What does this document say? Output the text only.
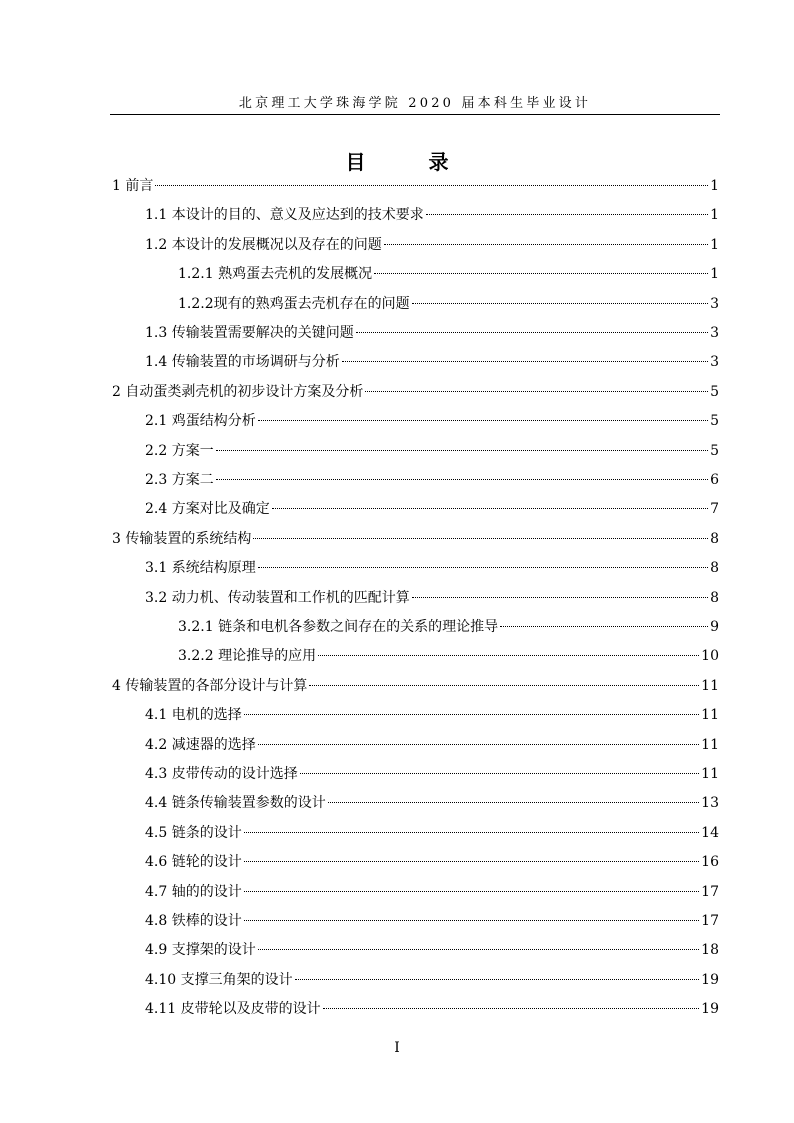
北京理工大学珠海学院 2020 届本科生毕业设计
目 录
1 前言	1
1.1 本设计的目的、意义及应达到的技术要求	1
1.2 本设计的发展概况以及存在的问题	1
1.2.1 熟鸡蛋去壳机的发展概况	1
1.2.2现有的熟鸡蛋去壳机存在的问题	3
1.3 传输装置需要解决的关键问题	3
1.4 传输装置的市场调研与分析	3
2 自动蛋类剥壳机的初步设计方案及分析	5
2.1 鸡蛋结构分析	5
2.2 方案一	5
2.3 方案二	6
2.4 方案对比及确定	7
3 传输装置的系统结构	8
3.1 系统结构原理	8
3.2 动力机、传动装置和工作机的匹配计算	8
3.2.1 链条和电机各参数之间存在的关系的理论推导	9
3.2.2 理论推导的应用	10
4 传输装置的各部分设计与计算	11
4.1 电机的选择	11
4.2 减速器的选择	11
4.3 皮带传动的设计选择	11
4.4 链条传输装置参数的设计	13
4.5 链条的设计	14
4.6 链轮的设计	16
4.7 轴的的设计	17
4.8 铁棒的设计	17
4.9 支撑架的设计	18
4.10 支撑三角架的设计	19
4.11 皮带轮以及皮带的设计	19
I
